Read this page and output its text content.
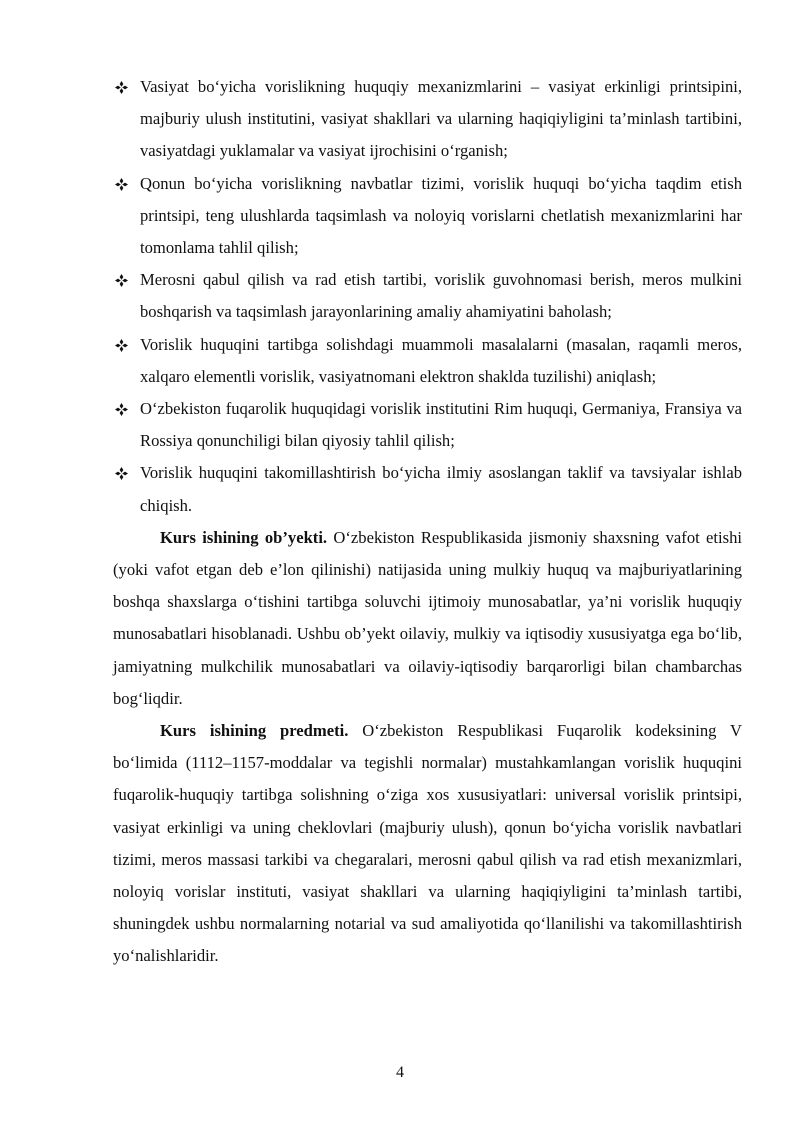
Vasiyat bo‘yicha vorislikning huquqiy mexanizmlarini – vasiyat erkinligi printsipini, majburiy ulush institutini, vasiyat shakllari va ularning haqiqiyligini ta’minlash tartibini, vasiyatdagi yuklamalar va vasiyat ijrochisini o‘rganish;
Qonun bo‘yicha vorislikning navbatlar tizimi, vorislik huquqi bo‘yicha taqdim etish printsipi, teng ulushlarda taqsimlash va noloyiq vorislarni chetlatish mexanizmlarini har tomonlama tahlil qilish;
Merosni qabul qilish va rad etish tartibi, vorislik guvohnomasi berish, meros mulkini boshqarish va taqsimlash jarayonlarining amaliy ahamiyatini baholash;
Vorislik huquqini tartibga solishdagi muammoli masalalarni (masalan, raqamli meros, xalqaro elementli vorislik, vasiyatnomani elektron shaklda tuzilishi) aniqlash;
O‘zbekiston fuqarolik huquqidagi vorislik institutini Rim huquqi, Germaniya, Fransiya va Rossiya qonunchiligi bilan qiyosiy tahlil qilish;
Vorislik huquqini takomillashtirish bo‘yicha ilmiy asoslangan taklif va tavsiyalar ishlab chiqish.

Kurs ishining ob’yekti. O‘zbekiston Respublikasida jismoniy shaxsning vafot etishi (yoki vafot etgan deb e’lon qilinishi) natijasida uning mulkiy huquq va majburiyatlarining boshqa shaxslarga o‘tishini tartibga soluvchi ijtimoiy munosabatlar, ya’ni vorislik huquqiy munosabatlari hisoblanadi. Ushbu ob’yekt oilaviy, mulkiy va iqtisodiy xususiyatga ega bo‘lib, jamiyatning mulkchilik munosabatlari va oilaviy-iqtisodiy barqarorligi bilan chambarchas bog‘liqdir.

Kurs ishining predmeti. O‘zbekiston Respublikasi Fuqarolik kodeksining V bo‘limida (1112–1157-moddalar va tegishli normalar) mustahkamlangan vorislik huquqini fuqarolik-huquqiy tartibga solishning o‘ziga xos xususiyatlari: universal vorislik printsipi, vasiyat erkinligi va uning cheklovlari (majburiy ulush), qonun bo‘yicha vorislik navbatlari tizimi, meros massasi tarkibi va chegaralari, merosni qabul qilish va rad etish mexanizmlari, noloyiq vorislar instituti, vasiyat shakllari va ularning haqiqiyligini ta’minlash tartibi, shuningdek ushbu normalarning notarial va sud amaliyotida qo‘llanilishi va takomillashtirish yo‘nalishlaridir.

4
